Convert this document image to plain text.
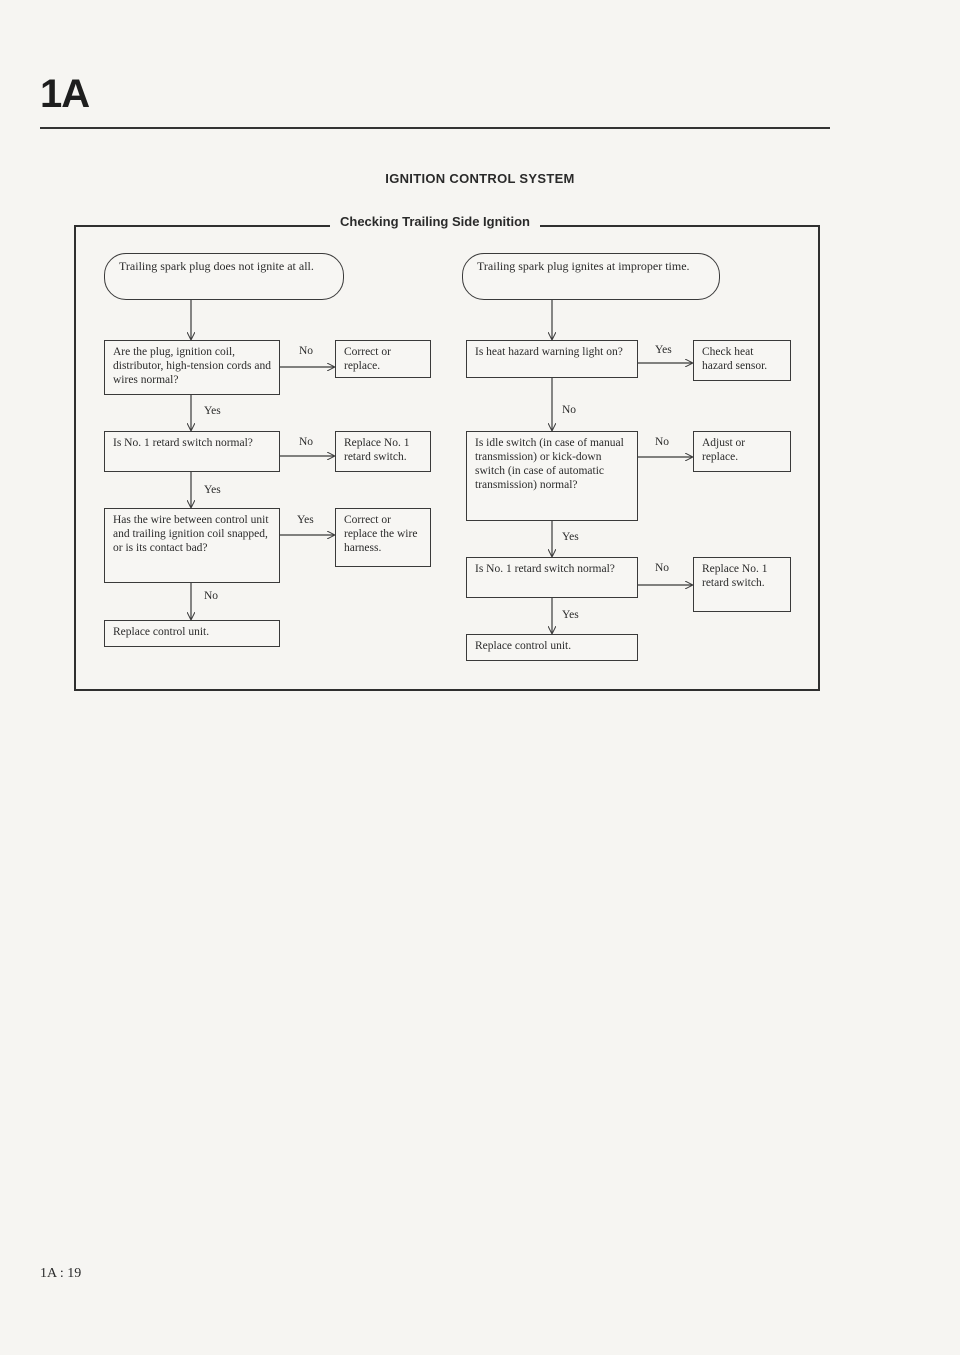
1A
IGNITION CONTROL SYSTEM
Checking Trailing Side Ignition
Trailing spark plug does not ignite at all.
Are the plug, ignition coil, distributor, high-tension cords and wires normal?
No	Correct or replace.
Yes
Is No. 1 retard switch normal?	No	Replace No. 1 retard switch.
Yes
Has the wire between control unit and trailing ignition coil snapped, or is its contact bad?
Yes	Correct or replace the wire harness.
No
Replace control unit.
Trailing spark plug ignites at improper time.
Is heat hazard warning light on?	Yes	Check heat hazard sensor.
No
Is idle switch (in case of manual transmission) or kick-down switch (in case of automatic transmission) normal?
No	Adjust or replace.
Yes
Is No. 1 retard switch normal?	No	Replace No. 1 retard switch.
Yes
Replace control unit.
1A : 19
